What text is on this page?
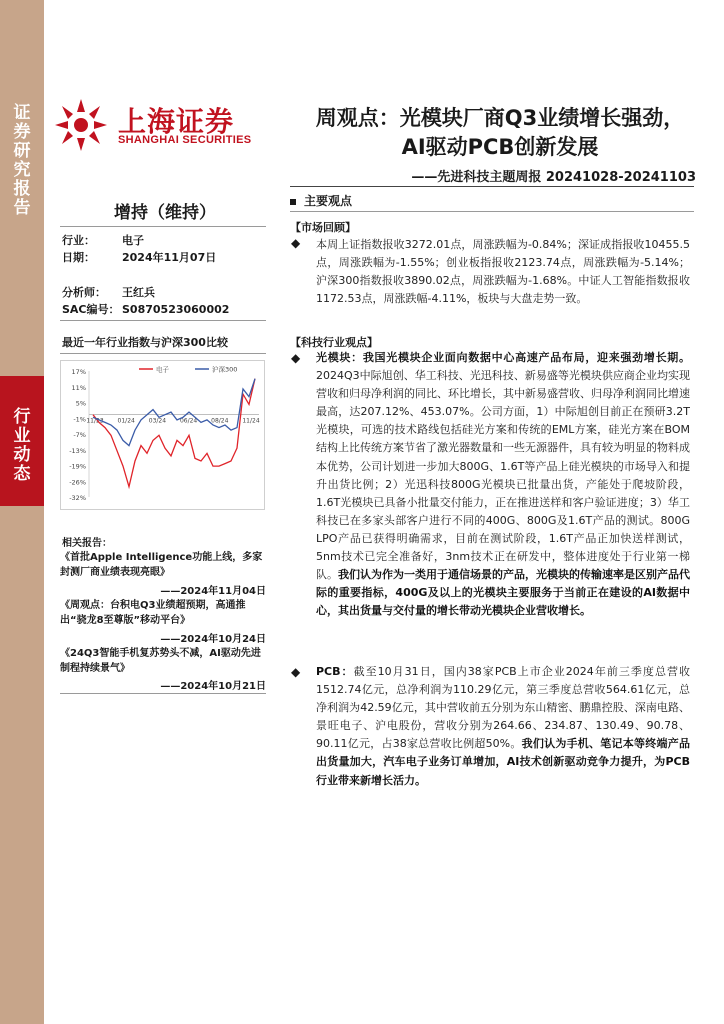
证
券
研
究
报
告
行
业
动
态
上海证券
SHANGHAI SECURITIES
周观点：光模块厂商Q3业绩增长强劲，
AI驱动PCB创新发展
——先进科技主题周报 20241028-20241103
增持（维持）
行业： 电子
日期： 2024年11月07日
分析师： 王红兵
SAC编号： S0870523060002
最近一年行业指数与沪深300比较
17%
11%
5%
-1%
-7%
-13%
-19%
-26%
-32%
11/23 01/24 03/24 06/24 08/24 11/24
电子	沪深300
相关报告：
《首批Apple Intelligence功能上线，多家封测厂商业绩表现亮眼》
——2024年11月04日
《周观点：台积电Q3业绩超预期，高通推出“骁龙8至尊版”移动平台》
——2024年10月24日
《24Q3智能手机复苏势头不减，AI驱动先进制程持续景气》
——2024年10月21日
主要观点
【市场回顾】
◆ 本周上证指数报收3272.01点，周涨跌幅为-0.84%；深证成指报收10455.5点，周涨跌幅为-1.55%；创业板指报收2123.74点，周涨跌幅为-5.14%；沪深300指数报收3890.02点，周涨跌幅为-1.68%。中证人工智能指数报收1172.53点，周涨跌幅-4.11%，板块与大盘走势一致。
【科技行业观点】
◆ 光模块：我国光模块企业面向数据中心高速产品布局，迎来强劲增长期。2024Q3中际旭创、华工科技、光迅科技、新易盛等光模块供应商企业均实现营收和归母净利润的同比、环比增长，其中新易盛营收、归母净利润同比增速最高，达207.12%、453.07%。公司方面，1）中际旭创目前正在预研3.2T光模块，可选的技术路线包括硅光方案和传统的EML方案，硅光方案在BOM结构上比传统方案节省了激光器数量和一些无源器件，具有较为明显的物料成本优势，公司计划进一步加大800G、1.6T等产品上硅光模块的市场导入和提升出货比例；2）光迅科技800G光模块已批量出货，产能处于爬坡阶段，1.6T光模块已具备小批量交付能力，正在推进送样和客户验证进度；3）华工科技已在多家头部客户进行不同的400G、800G及1.6T产品的测试。800G LPO产品已获得明确需求，目前在测试阶段，1.6T产品正加快送样测试，5nm技术已完全准备好，3nm技术正在研发中，整体进度处于行业第一梯队。我们认为作为一类用于通信场景的产品，光模块的传输速率是区别产品代际的重要指标，400G及以上的光模块主要服务于当前正在建设的AI数据中心，其出货量与交付量的增长带动光模块企业营收增长。
◆ PCB：截至10月31日，国内38家PCB上市企业2024年前三季度总营收1512.74亿元，总净利润为110.29亿元，第三季度总营收564.61亿元，总净利润为42.59亿元，其中营收前五分别为东山精密、鹏鼎控股、深南电路、景旺电子、沪电股份，营收分别为264.66、234.87、130.49、90.78、90.11亿元，占38家总营收比例超50%。我们认为手机、笔记本等终端产品出货量加大，汽车电子业务订单增加，AI技术创新驱动竞争力提升，为PCB行业带来新增长活力。
